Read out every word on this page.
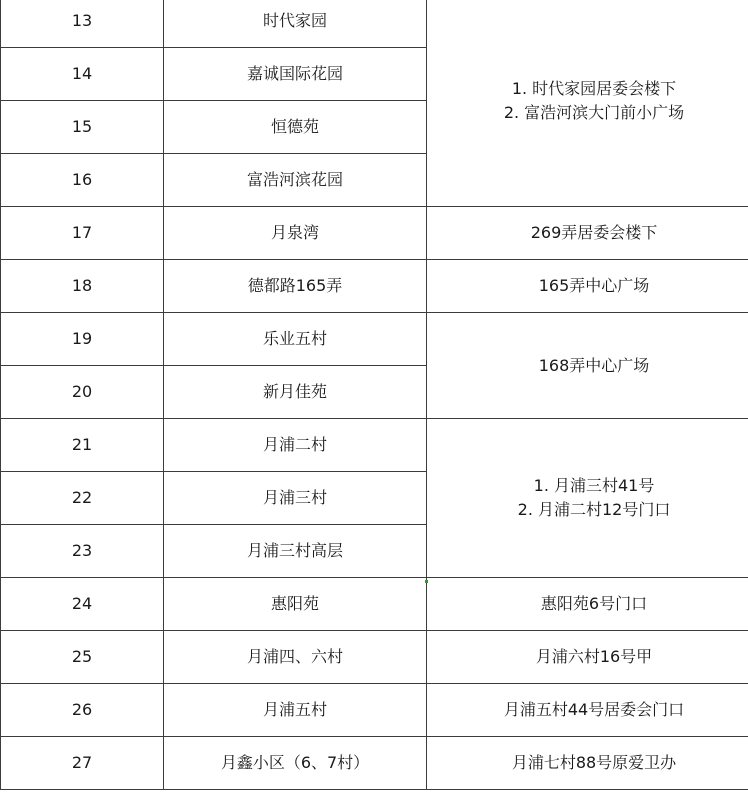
13	时代家园	1. 时代家园居委会楼下
2. 富浩河滨大门前小广场

14	嘉诚国际花园	
15	恒德苑	
16	富浩河滨花园	
17	月泉湾	269弄居委会楼下
18	德都路165弄	165弄中心广场
19	乐业五村	168弄中心广场
20	新月佳苑	
21	月浦二村	1. 月浦三村41号
2. 月浦二村12号门口

22	月浦三村	
23	月浦三村高层	
24	惠阳苑	惠阳苑6号门口
25	月浦四、六村	月浦六村16号甲
26	月浦五村	月浦五村44号居委会门口
27	月鑫小区（6、7村）	月浦七村88号原爱卫办
